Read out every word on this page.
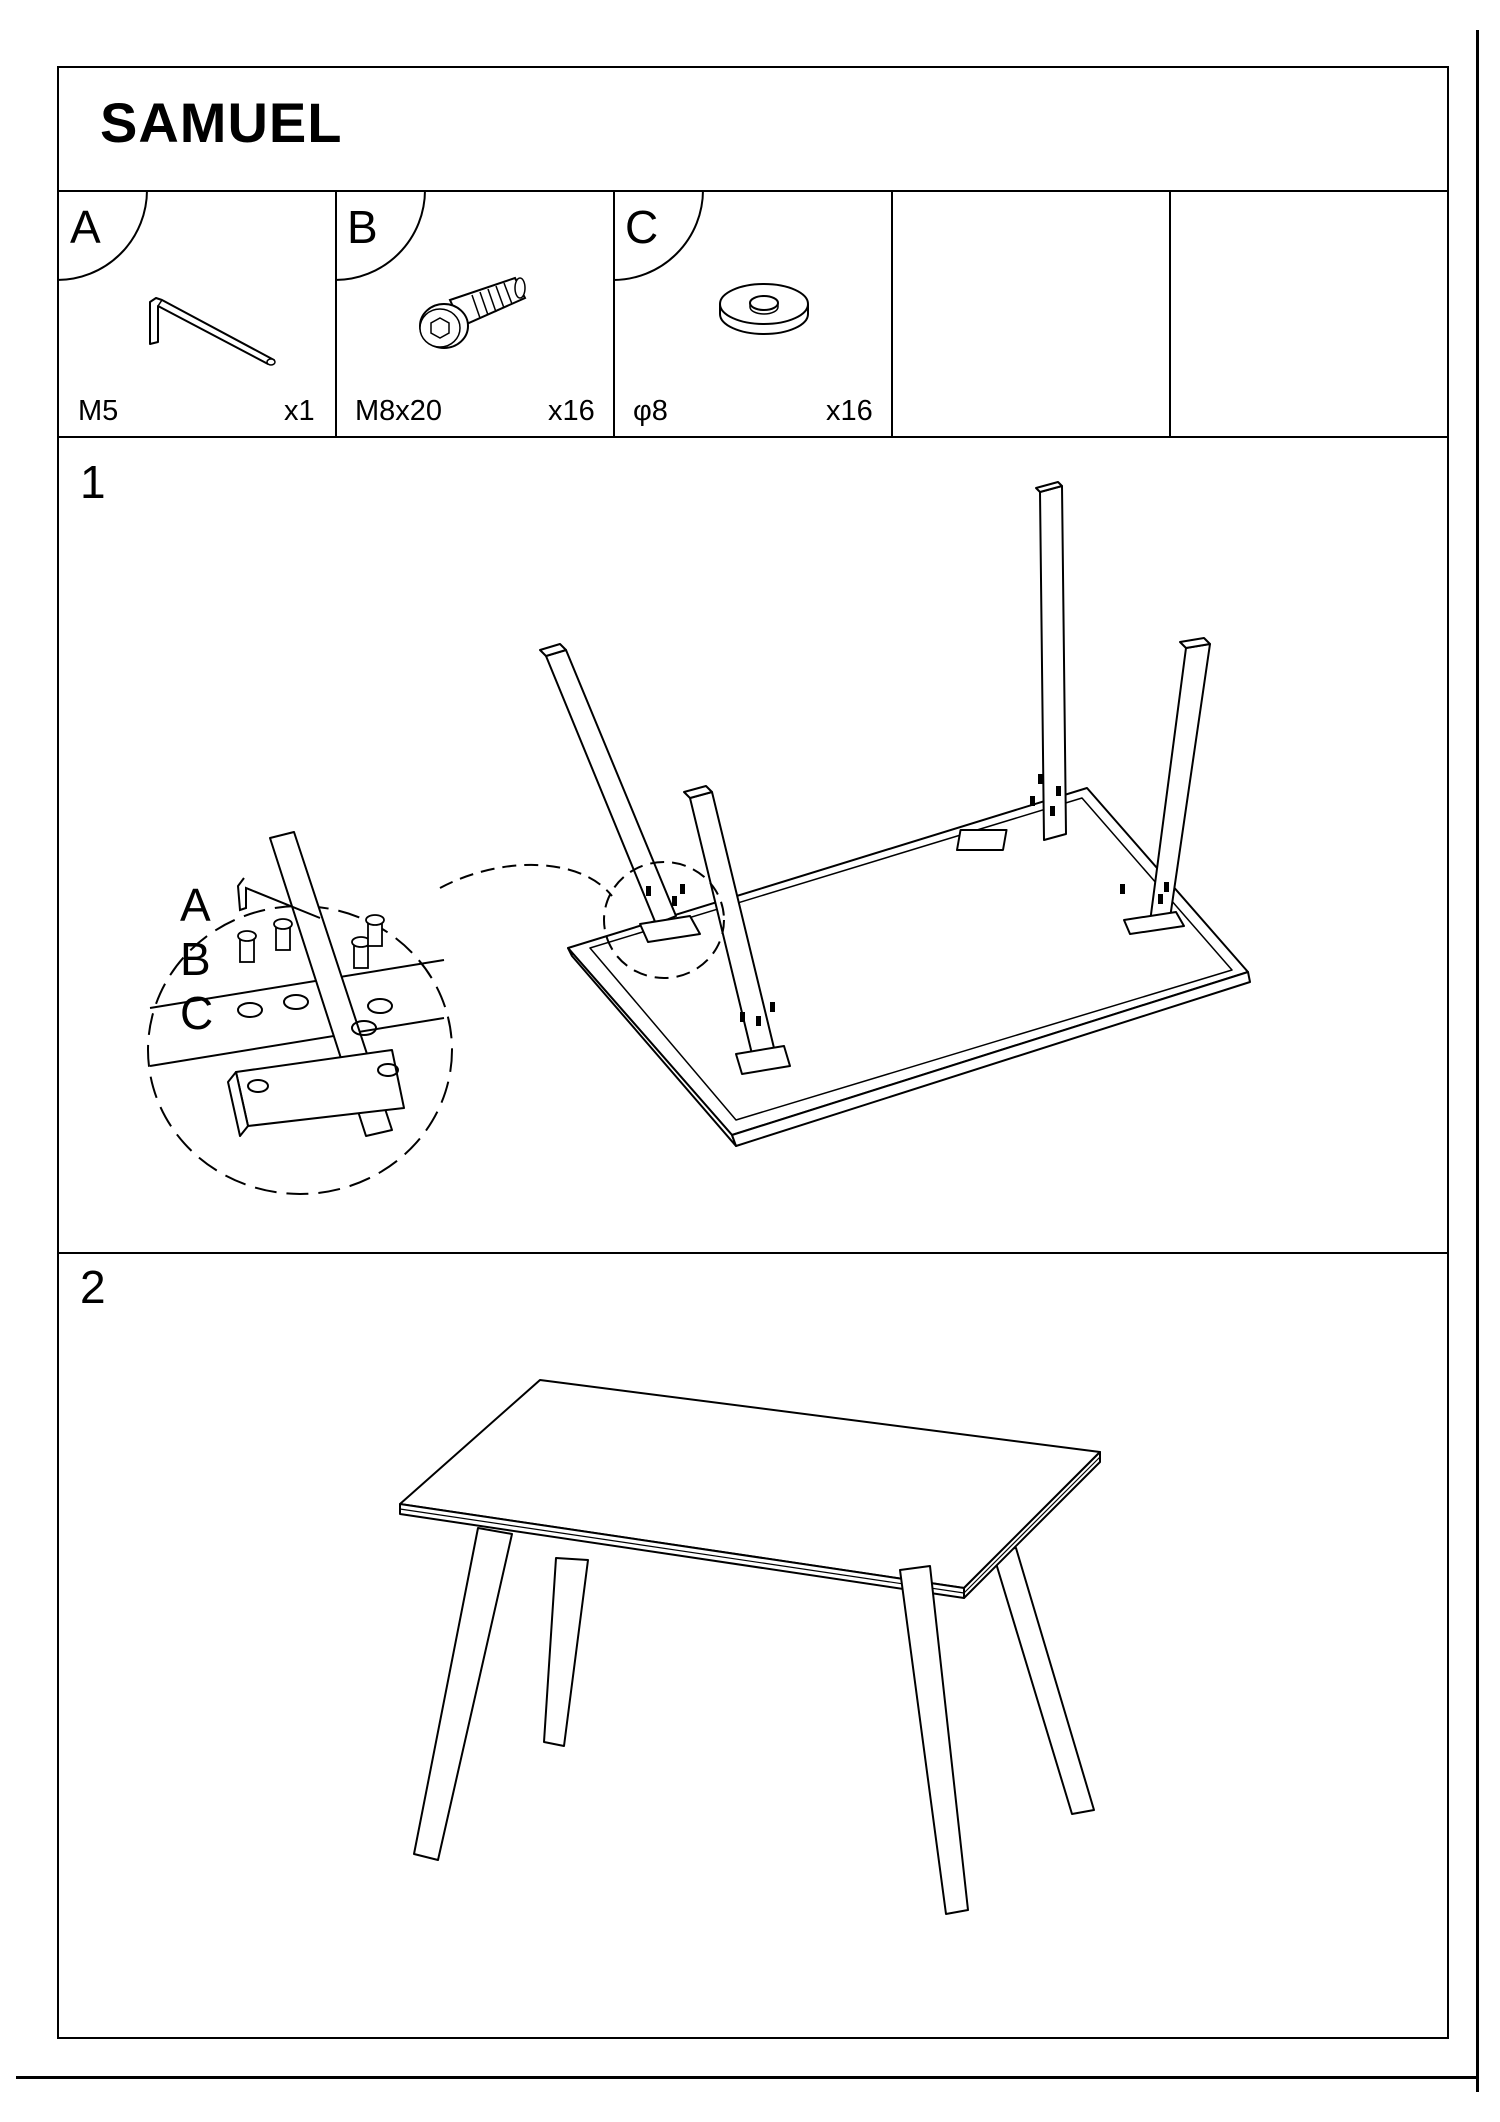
SAMUEL
A
M5	x1
B
M8x20	x16
C
φ8	x16
1
A
B
C
2
